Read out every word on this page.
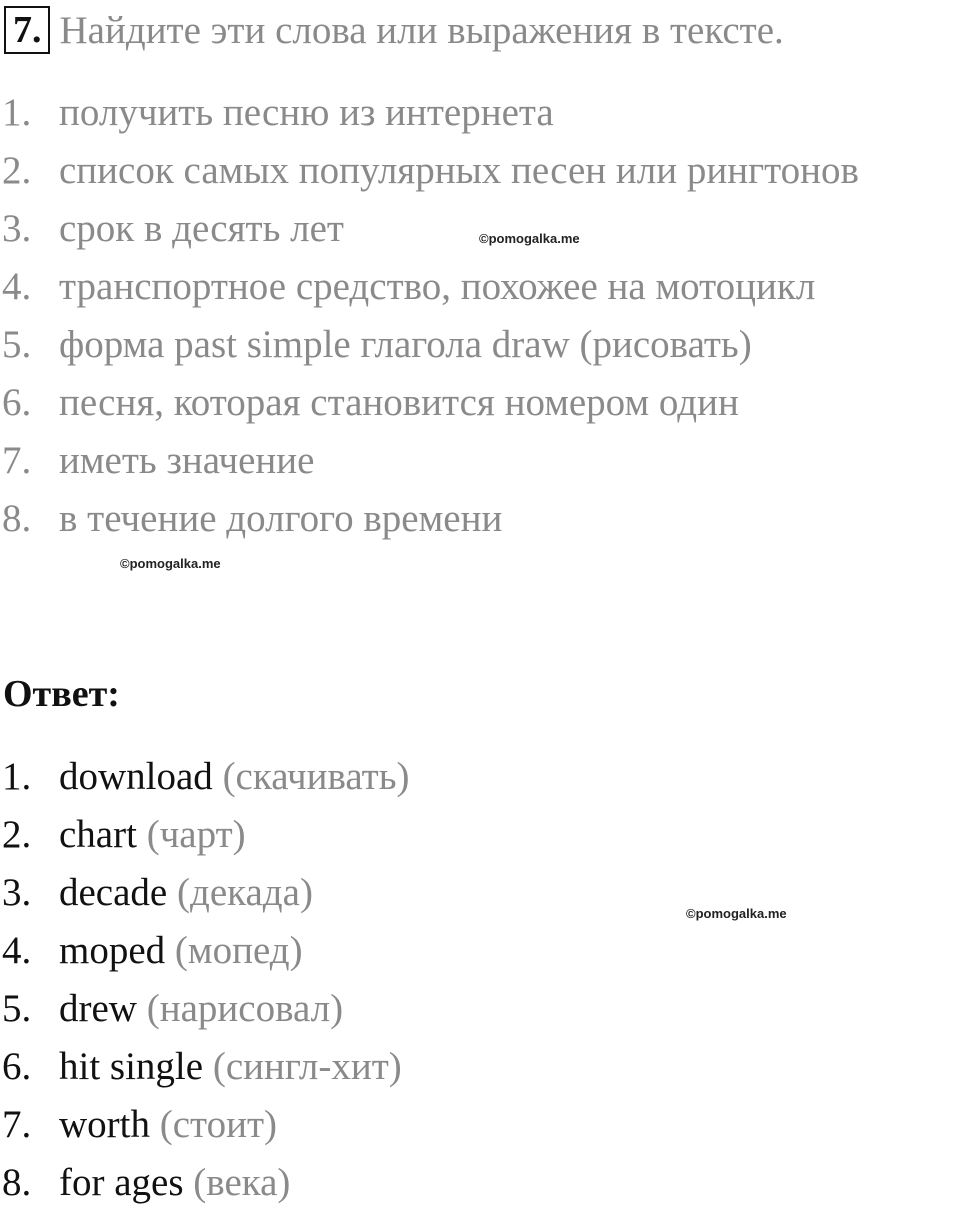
7. Найдите эти слова или выражения в тексте.
1. получить песню из интернета
2. список самых популярных песен или рингтонов
3. срок в десять лет
4. транспортное средство, похожее на мотоцикл
5. форма past simple глагола draw (рисовать)
6. песня, которая становится номером один
7. иметь значение
8. в течение долгого времени
©pomogalka.me
©pomogalka.me
Ответ:
1. download (скачивать)
2. chart (чарт)
3. decade (декада)
4. moped (мопед)
5. drew (нарисовал)
6. hit single (сингл-хит)
7. worth (стоит)
8. for ages (века)
©pomogalka.me
